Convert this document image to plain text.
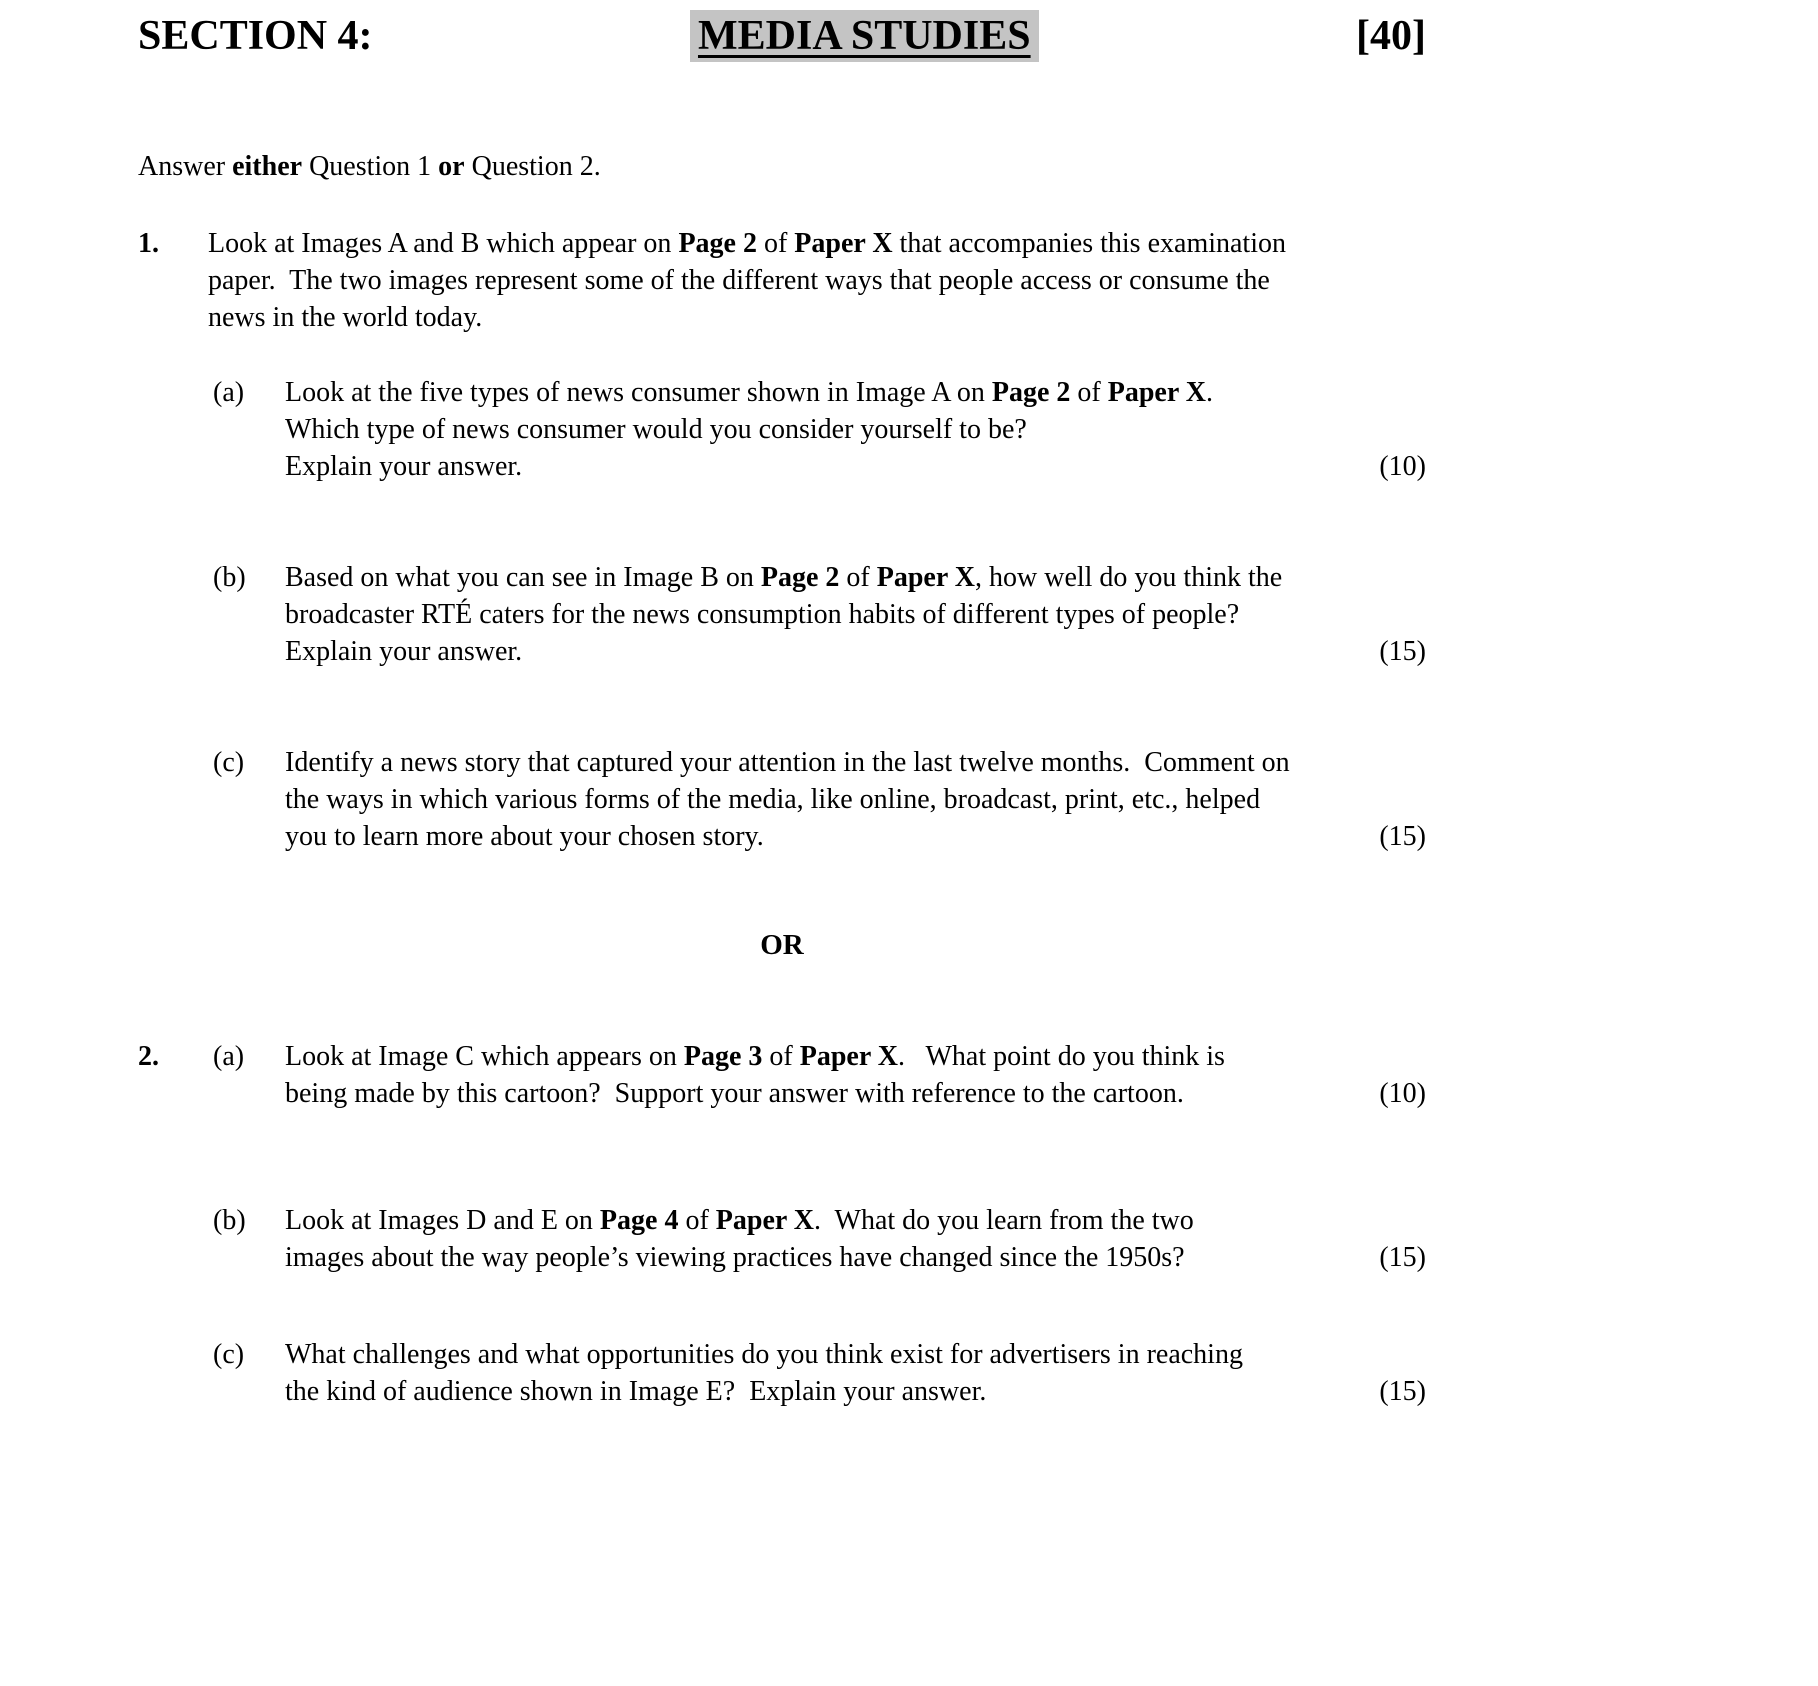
SECTION 4:	MEDIA STUDIES	[40]
Answer either Question 1 or Question 2.
1.	Look at Images A and B which appear on Page 2 of Paper X that accompanies this examination
paper.  The two images represent some of the different ways that people access or consume the
news in the world today.
(a)	Look at the five types of news consumer shown in Image A on Page 2 of Paper X.
Which type of news consumer would you consider yourself to be?
Explain your answer.	(10)
(b)	Based on what you can see in Image B on Page 2 of Paper X, how well do you think the
broadcaster RTÉ caters for the news consumption habits of different types of people?
Explain your answer.	(15)
(c)	Identify a news story that captured your attention in the last twelve months.  Comment on
the ways in which various forms of the media, like online, broadcast, print, etc., helped
you to learn more about your chosen story.	(15)
OR
2.	(a)	Look at Image C which appears on Page 3 of Paper X.   What point do you think is
being made by this cartoon?  Support your answer with reference to the cartoon.	(10)
(b)	Look at Images D and E on Page 4 of Paper X.  What do you learn from the two
images about the way people’s viewing practices have changed since the 1950s?	(15)
(c)	What challenges and what opportunities do you think exist for advertisers in reaching
the kind of audience shown in Image E?  Explain your answer.	(15)
